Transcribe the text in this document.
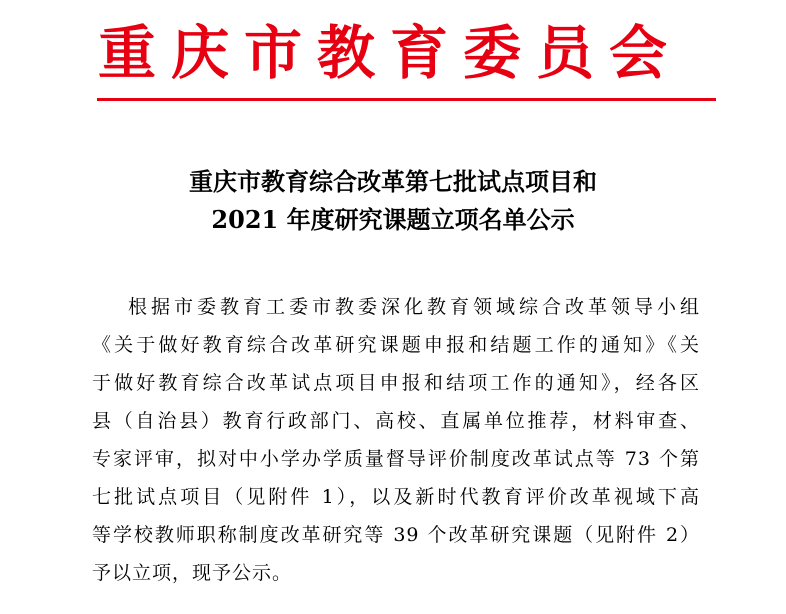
重庆市教育委员会
重庆市教育综合改革第七批试点项目和
2021 年度研究课题立项名单公示
根据市委教育工委市教委深化教育领域综合改革领导小组
《关于做好教育综合改革研究课题申报和结题工作的通知》《关
于做好教育综合改革试点项目申报和结项工作的通知》，经各区
县（自治县）教育行政部门、高校、直属单位推荐，材料审查、
专家评审，拟对中小学办学质量督导评价制度改革试点等 73 个第
七批试点项目（见附件 1），以及新时代教育评价改革视域下高
等学校教师职称制度改革研究等 39 个改革研究课题（见附件 2）
予以立项，现予公示。
